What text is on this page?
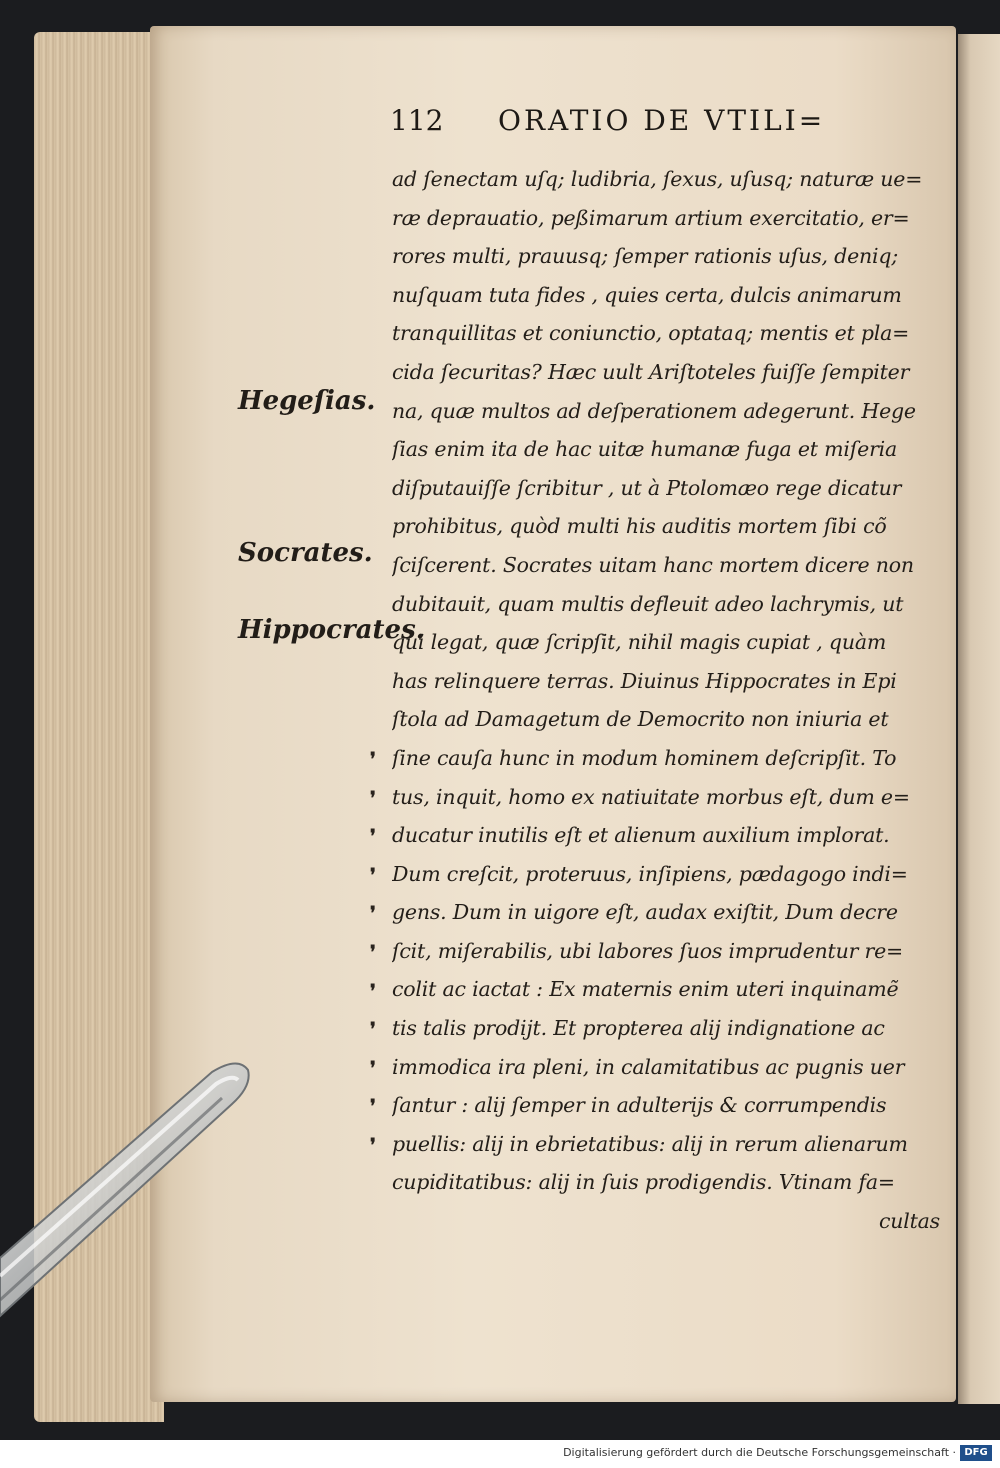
112 ORATIO DE VTILI=
Hegeſias.
Socrates.
Hippocrates.
❜
❜
❜
❜
❜
❜
❜
❜
❜
❜
❜
ad ſenectam uſq; ludibria, ſexus, uſusq; naturæ ue=
ræ deprauatio, peßimarum artium exercitatio, er=
rores multi, prauusq; ſemper rationis uſus, deniq;
nuſquam tuta fides , quies certa, dulcis animarum
tranquillitas et coniunctio, optataq; mentis et pla=
cida ſecuritas? Hæc uult Ariſtoteles fuiſſe ſempiter
na, quæ multos ad deſperationem adegerunt. Hege
ſias enim ita de hac uitæ humanæ fuga et miſeria
diſputauiſſe ſcribitur , ut à Ptolomæo rege dicatur
prohibitus, quòd multi his auditis mortem ſibi cõ
ſciſcerent. Socrates uitam hanc mortem dicere non
dubitauit, quam multis defleuit adeo lachrymis, ut
qui legat, quæ ſcripſit, nihil magis cupiat , quàm
has relinquere terras. Diuinus Hippocrates in Epi
ſtola ad Damagetum de Democrito non iniuria et
ſine cauſa hunc in modum hominem deſcripſit. To
tus, inquit, homo ex natiuitate morbus eſt, dum e=
ducatur inutilis eſt et alienum auxilium implorat.
Dum creſcit, proteruus, inſipiens, pædagogo indi=
gens. Dum in uigore eſt, audax exiſtit, Dum decre
ſcit, miſerabilis, ubi labores ſuos imprudentur re=
colit ac iactat : Ex maternis enim uteri inquinamẽ
tis talis prodijt. Et propterea alij indignatione ac
immodica ira pleni, in calamitatibus ac pugnis uer
ſantur : alij ſemper in adulterijs & corrumpendis
puellis: alij in ebrietatibus: alij in rerum alienarum
cupiditatibus: alij in ſuis prodigendis. Vtinam fa=
cultas
Digitalisierung gefördert durch die Deutsche Forschungsgemeinschaft · DFG
